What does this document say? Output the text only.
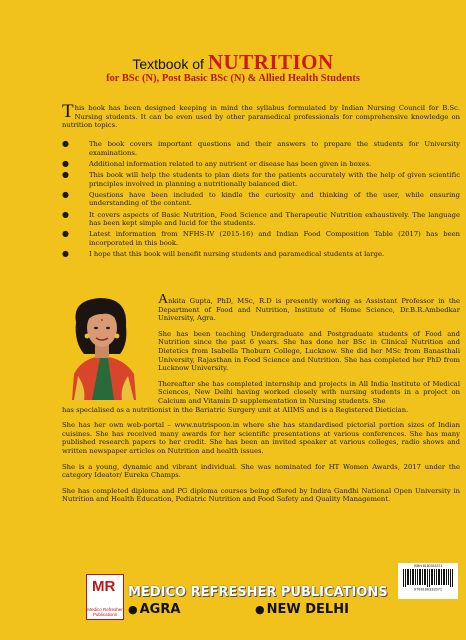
Textbook of NUTRITION
for BSc (N), Post Basic BSc (N) & Allied Health Students
This book has been designed keeping in mind the syllabus formulated by Indian Nursing Council for B.Sc. Nursing students. It can be even used by other paramedical professionals for comprehensive knowledge on nutrition topics.
●	The book covers important questions and their answers to prepare the students for University examinations.
●	Additional information related to any nutrient or disease has been given in boxes.
●	This book will help the students to plan diets for the patients accurately with the help of given scientific principles involved in planning a nutritionally balanced diet.
●	Questions have been included to kindle the curiosity and thinking of the user, while ensuring understanding of the content.
●	It covers aspects of Basic Nutrition, Food Science and Therapeutic Nutrition exhaustively. The language has been kept simple and lucid for the students.
●	Latest information from NFHS-IV (2015-16) and Indian Food Composition Table (2017) has been incorporated in this book.
●	I hope that this book will benefit nursing students and paramedical students at large.

Ankita Gupta, PhD, MSc, R.D is presently working as Assistant Professor in the Department of Food and Nutrition, Institute of Home Science, Dr.B.R.Ambedkar University, Agra.

She has been teaching Undergraduate and Postgraduate students of Food and Nutrition since the past 6 years. She has done her BSc in Clinical Nutrition and Dietetics from Isabella Thoburn College, Lucknow. She did her MSc from Banasthali University, Rajasthan in Food Science and Nutrition. She has completed her PhD from Lucknow University.

Thereafter she has completed internship and projects in All India Institute of Medical Sciences, New Delhi having worked closely with nursing students in a project on Calcium and Vitamin D supplementation in Nursing students. She

has specialised as a nutritionist in the Bariatric Surgery unit at AIIMS and is a Registered Dietician.

She has her own web-portal – www.nutrispoon.in where she has standardised pictorial portion sizes of Indian cuisines. She has received many awards for her scientific presentations at various conferences. She has many published research papers to her credit. She has been an invited speaker at various colleges, radio shows and written newspaper articles on Nutrition and health issues.

She is a young, dynamic and vibrant individual. She was nominated for HT Women Awards, 2017 under the category Ideator/ Eureka Champs.

She has completed diploma and PG diploma courses being offered by Indira Gandhi National Open University in Nutrition and Health Education, Pediatric Nutrition and Food Safety and Quality Management.

MR
Medico Refresher Publications
MEDICO REFRESHER PUBLICATIONS
● AGRA	● NEW DELHI
ISBN 8180333371
9788180333371
